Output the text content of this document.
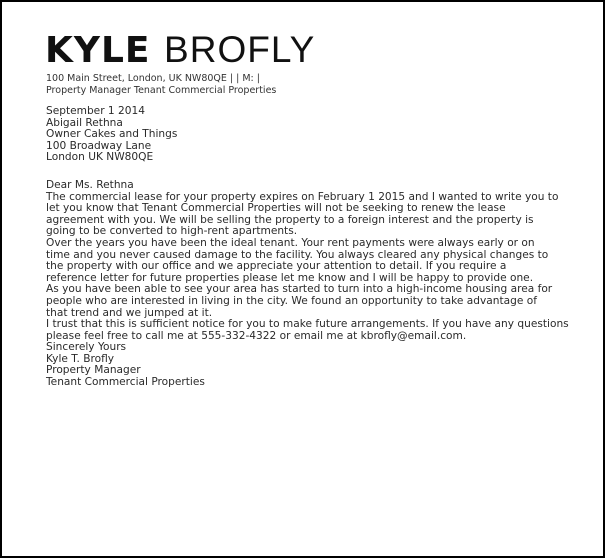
KYLE BROFLY
100 Main Street, London, UK NW80QE | | M: |
Property Manager Tenant Commercial Properties
September 1 2014
Abigail Rethna
Owner Cakes and Things
100 Broadway Lane
London UK NW80QE

Dear Ms. Rethna

The commercial lease for your property expires on February 1 2015 and I wanted to write you to
let you know that Tenant Commercial Properties will not be seeking to renew the lease
agreement with you. We will be selling the property to a foreign interest and the property is
going to be converted to high-rent apartments.

Over the years you have been the ideal tenant. Your rent payments were always early or on
time and you never caused damage to the facility. You always cleared any physical changes to
the property with our office and we appreciate your attention to detail. If you require a
reference letter for future properties please let me know and I will be happy to provide one.

As you have been able to see your area has started to turn into a high-income housing area for
people who are interested in living in the city. We found an opportunity to take advantage of
that trend and we jumped at it.

I trust that this is sufficient notice for you to make future arrangements. If you have any questions
please feel free to call me at 555-332-4322 or email me at kbrofly@email.com.

Sincerely Yours

Kyle T. Brofly

Property Manager

Tenant Commercial Properties
